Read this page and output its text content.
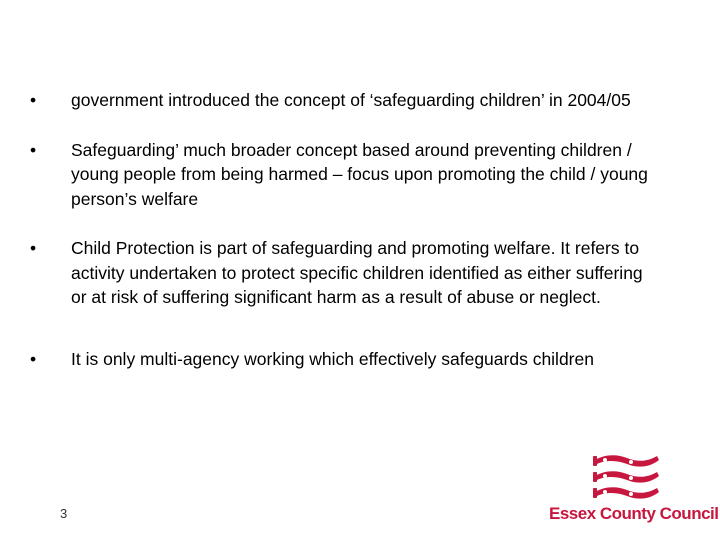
•	government introduced the concept of ‘safeguarding children’ in 2004/05
•	Safeguarding’ much broader concept based around preventing children / young people from being harmed – focus upon promoting the child / young person’s welfare
•	Child Protection is part of safeguarding and promoting welfare. It refers to activity undertaken to protect specific children identified as either suffering or at risk of suffering significant harm as a result of abuse or neglect.
•	It is only multi-agency working which effectively safeguards children
3	Essex County Council
